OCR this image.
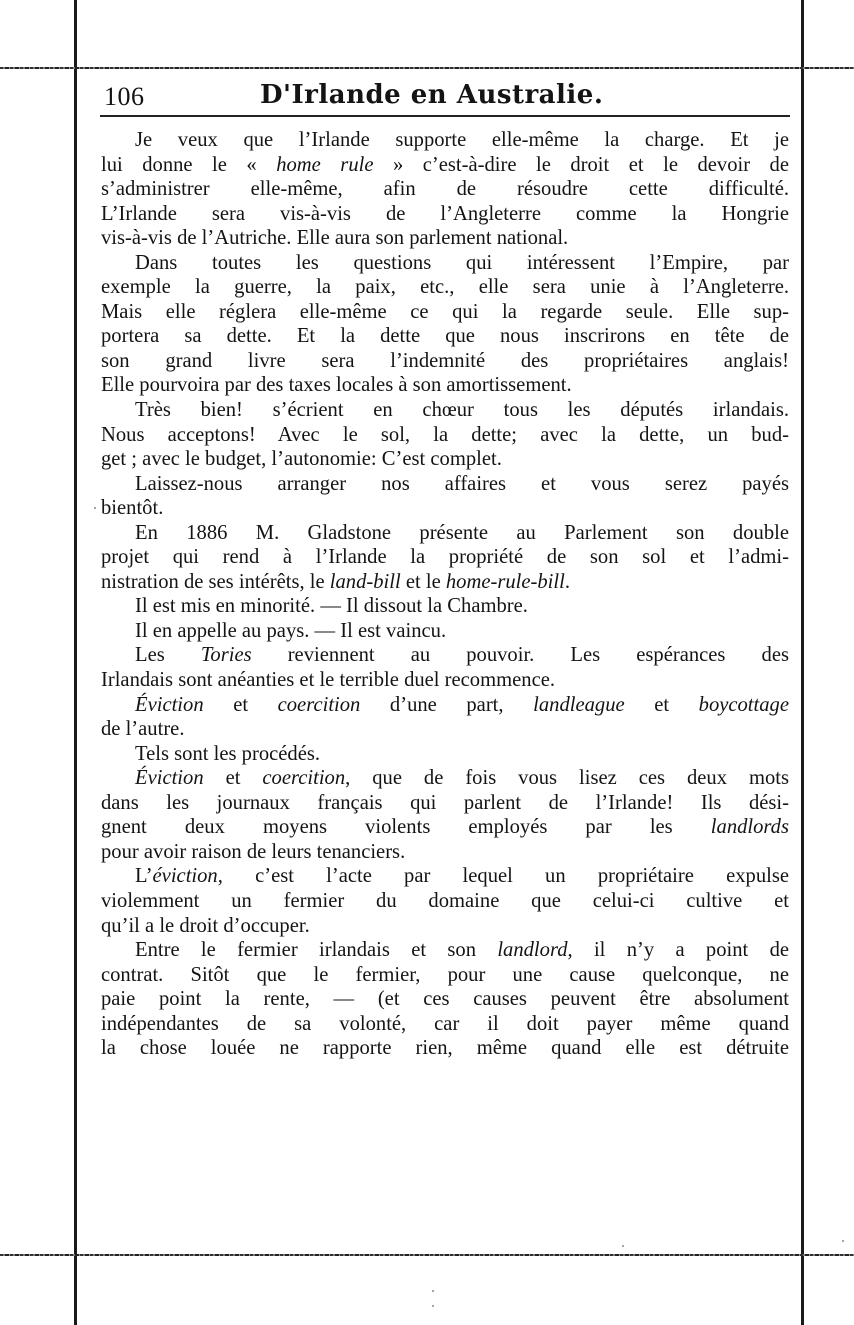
106	D'Irlande en Australie.
Je veux que l’Irlande supporte elle-même la charge. Et je
lui donne le « home rule » c’est-à-dire le droit et le devoir de
s’administrer elle-même, afin de résoudre cette difficulté.
L’Irlande sera vis-à-vis de l’Angleterre comme la Hongrie
vis-à-vis de l’Autriche. Elle aura son parlement national.
Dans toutes les questions qui intéressent l’Empire, par
exemple la guerre, la paix, etc., elle sera unie à l’Angleterre.
Mais elle réglera elle-même ce qui la regarde seule. Elle sup-
portera sa dette. Et la dette que nous inscrirons en tête de
son grand livre sera l’indemnité des propriétaires anglais!
Elle pourvoira par des taxes locales à son amortissement.
Très bien! s’écrient en chœur tous les députés irlandais.
Nous acceptons! Avec le sol, la dette; avec la dette, un bud-
get ; avec le budget, l’autonomie: C’est complet.
Laissez-nous arranger nos affaires et vous serez payés
bientôt.
En 1886 M. Gladstone présente au Parlement son double
projet qui rend à l’Irlande la propriété de son sol et l’admi-
nistration de ses intérêts, le land-bill et le home-rule-bill.
Il est mis en minorité. — Il dissout la Chambre.
Il en appelle au pays. — Il est vaincu.
Les Tories reviennent au pouvoir. Les espérances des
Irlandais sont anéanties et le terrible duel recommence.
Éviction et coercition d’une part, landleague et boycottage
de l’autre.
Tels sont les procédés.
Éviction et coercition, que de fois vous lisez ces deux mots
dans les journaux français qui parlent de l’Irlande! Ils dési-
gnent deux moyens violents employés par les landlords
pour avoir raison de leurs tenanciers.
L’éviction, c’est l’acte par lequel un propriétaire expulse
violemment un fermier du domaine que celui-ci cultive et
qu’il a le droit d’occuper.
Entre le fermier irlandais et son landlord, il n’y a point de
contrat. Sitôt que le fermier, pour une cause quelconque, ne
paie point la rente, — (et ces causes peuvent être absolument
indépendantes de sa volonté, car il doit payer même quand
la chose louée ne rapporte rien, même quand elle est détruite
